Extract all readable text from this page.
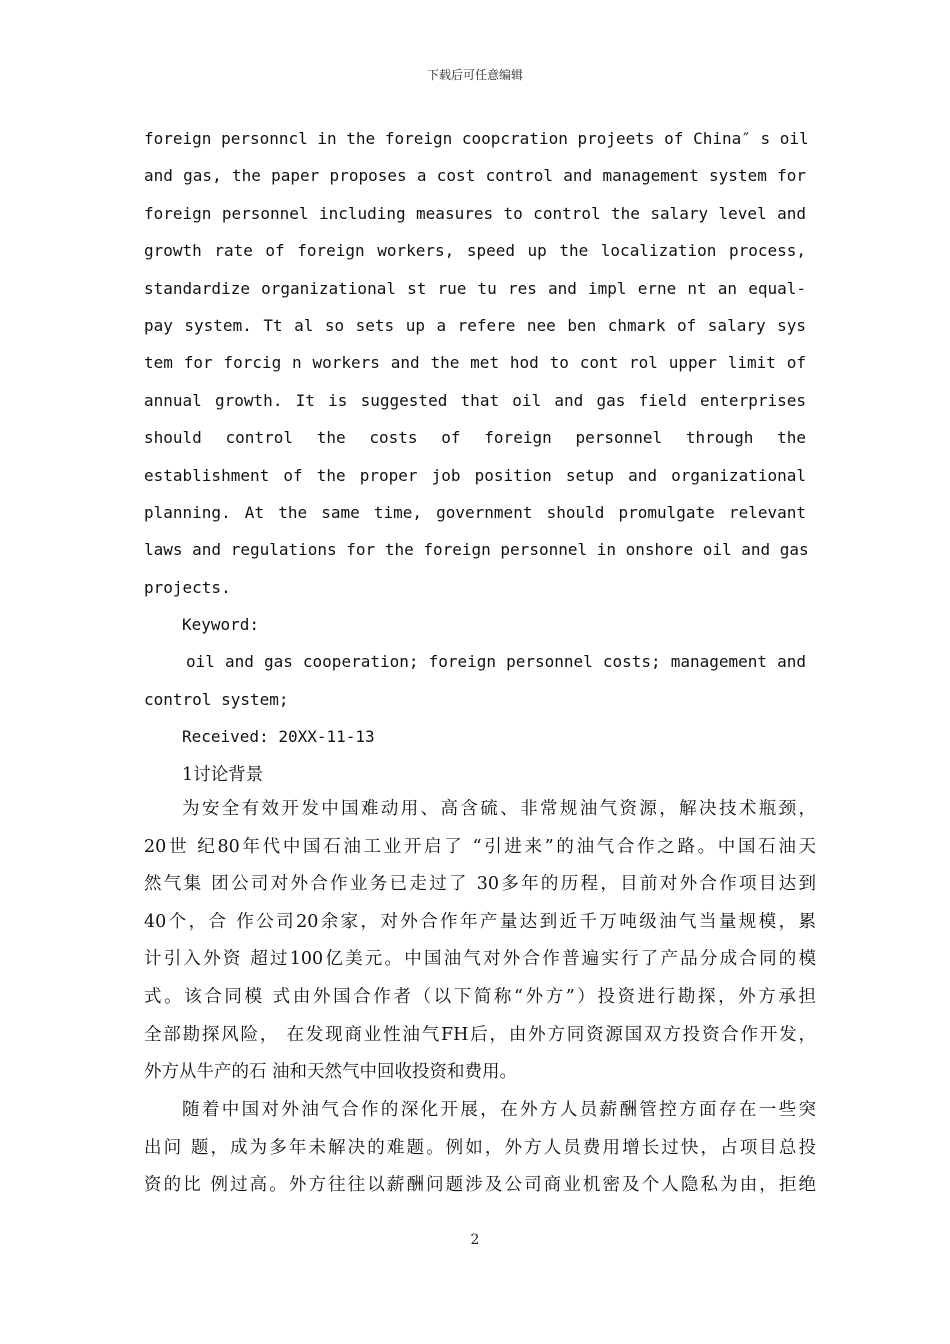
下载后可任意编辑
foreign personncl in the foreign coopcration projeets of China″ s oil
and gas, the paper proposes a cost control and management system for
foreign personnel including measures to control the salary level and
growth rate of foreign workers, speed up the localization process,
standardize organizational st rue tu res and impl erne nt an equal-
pay system. Tt al so sets up a refere nee ben chmark of salary sys
tem for forcig n workers and the met hod to cont rol upper limit of
annual growth. It is suggested that oil and gas field enterprises
should control the costs of foreign personnel through the
establishment of the proper job position setup and organizational
planning. At the same time, government should promulgate relevant
laws and regulations for the foreign personnel in onshore oil and gas
projects.
Keyword:
oil and gas cooperation; foreign personnel costs; management and
control system;
Received: 20XX-11-13
1讨论背景
为安全有效开发中国难动用、高含硫、非常规油气资源，解决技术瓶颈，
20世 纪80年代中国石油工业开启了 “引进来”的油气合作之路。中国石油天
然气集 团公司对外合作业务已走过了 30多年的历程，目前对外合作项目达到
40个，合 作公司20余家，对外合作年产量达到近千万吨级油气当量规模，累
计引入外资 超过100亿美元。中国油气对外合作普遍实行了产品分成合同的模
式。该合同模 式由外国合作者（以下简称“外方”）投资进行勘探，外方承担
全部勘探风险， 在发现商业性油气FH后，由外方同资源国双方投资合作开发，
外方从牛产的石 油和天然气中回收投资和费用。
随着中国对外油气合作的深化开展，在外方人员薪酬管控方面存在一些突
出问 题，成为多年未解决的难题。例如，外方人员费用增长过快，占项目总投
资的比 例过高。外方往往以薪酬问题涉及公司商业机密及个人隐私为由，拒绝
2
